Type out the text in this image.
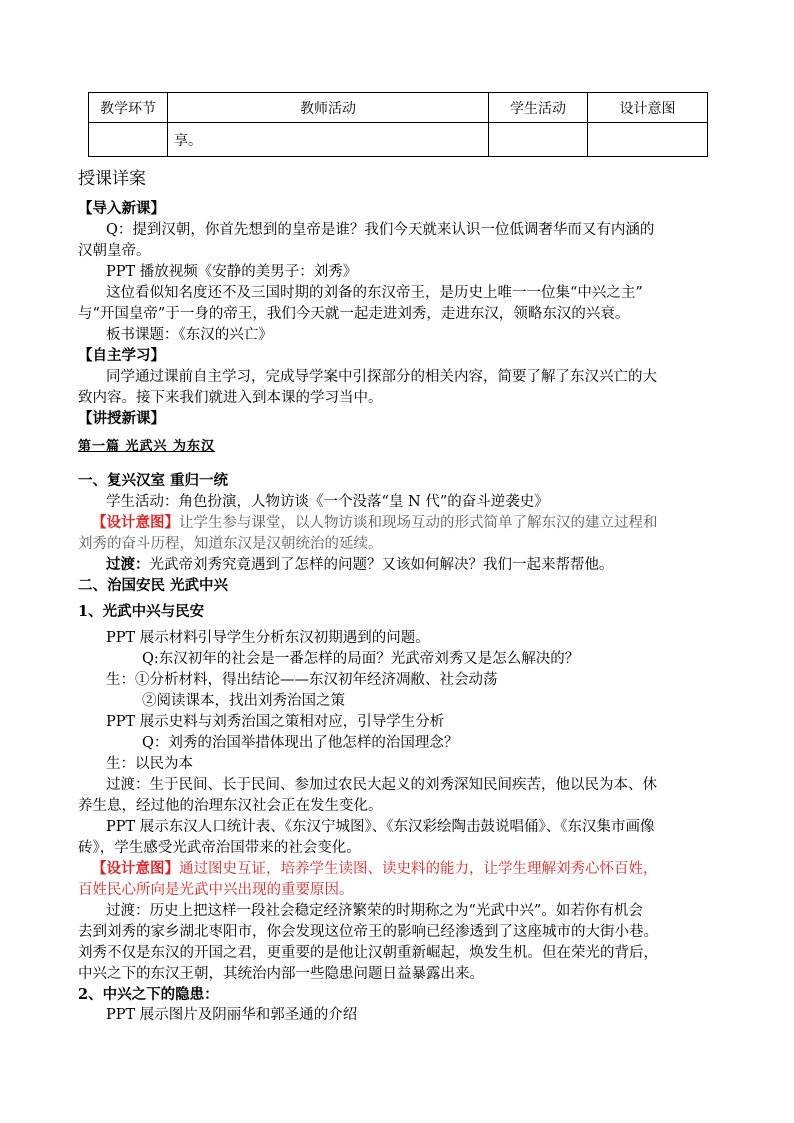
教学环节	教师活动	学生活动	设计意图
	享。		
授课详案
【导入新课】
Q：提到汉朝，你首先想到的皇帝是谁？我们今天就来认识一位低调奢华而又有内涵的
汉朝皇帝。
PPT 播放视频《安静的美男子：刘秀》
这位看似知名度还不及三国时期的刘备的东汉帝王，是历史上唯一一位集“中兴之主”
与“开国皇帝”于一身的帝王，我们今天就一起走进刘秀，走进东汉，领略东汉的兴衰。
板书课题：《东汉的兴亡》
【自主学习】
同学通过课前自主学习，完成导学案中引探部分的相关内容，简要了解了东汉兴亡的大
致内容。接下来我们就进入到本课的学习当中。
【讲授新课】
第一篇 光武兴 为东汉
一、复兴汉室 重归一统
学生活动：角色扮演，人物访谈《一个没落“皇 N 代”的奋斗逆袭史》
【设计意图】让学生参与课堂，以人物访谈和现场互动的形式简单了解东汉的建立过程和
刘秀的奋斗历程，知道东汉是汉朝统治的延续。
过渡：光武帝刘秀究竟遇到了怎样的问题？又该如何解决？我们一起来帮帮他。
二、治国安民 光武中兴
1、光武中兴与民安
PPT 展示材料引导学生分析东汉初期遇到的问题。
Q:东汉初年的社会是一番怎样的局面？光武帝刘秀又是怎么解决的？
生：①分析材料，得出结论——东汉初年经济凋敝、社会动荡
②阅读课本，找出刘秀治国之策
PPT 展示史料与刘秀治国之策相对应，引导学生分析
Q：刘秀的治国举措体现出了他怎样的治国理念？
生：以民为本
过渡：生于民间、长于民间、参加过农民大起义的刘秀深知民间疾苦，他以民为本、休
养生息，经过他的治理东汉社会正在发生变化。
PPT 展示东汉人口统计表、《东汉宁城图》、《东汉彩绘陶击鼓说唱俑》、《东汉集市画像
砖》，学生感受光武帝治国带来的社会变化。
【设计意图】通过图史互证，培养学生读图、读史料的能力，让学生理解刘秀心怀百姓，
百姓民心所向是光武中兴出现的重要原因。
过渡：历史上把这样一段社会稳定经济繁荣的时期称之为“光武中兴”。如若你有机会
去到刘秀的家乡湖北枣阳市，你会发现这位帝王的影响已经渗透到了这座城市的大街小巷。
刘秀不仅是东汉的开国之君，更重要的是他让汉朝重新崛起，焕发生机。但在荣光的背后，
中兴之下的东汉王朝，其统治内部一些隐患问题日益暴露出来。
2、中兴之下的隐患：
PPT 展示图片及阴丽华和郭圣通的介绍
